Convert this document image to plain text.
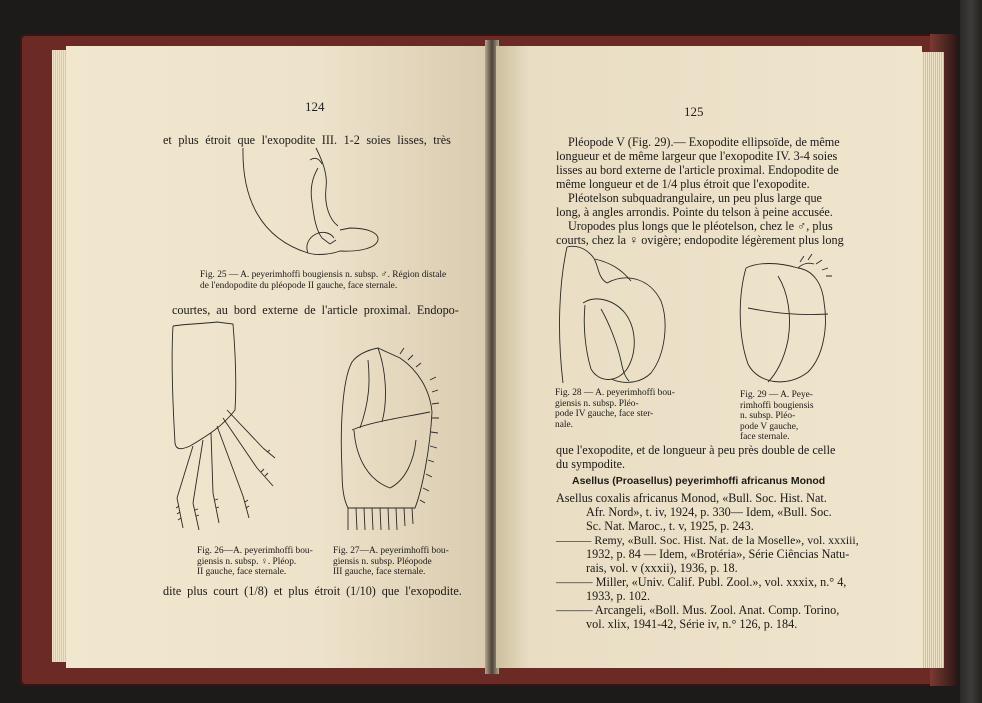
124
et plus étroit que l'exopodite III. 1-2 soies lisses, très
Fig. 25 — A. peyerimhoffi bougiensis n. subsp. ♂. Région distale
de l'endopodite du pléopode II gauche, face sternale.
courtes, au bord externe de l'article proximal. Endopo-
Fig. 26—A. peyerimhoffi bou-
giensis n. subsp. ♀. Pléop.
II gauche, face sternale.
Fig. 27—A. peyerimhoffi bou-
giensis n. subsp. Pléopode
III gauche, face sternale.
dite plus court (1/8) et plus étroit (1/10) que l'exopodite.
125
Pléopode V (Fig. 29).— Exopodite ellipsoïde, de même
longueur et de même largeur que l'exopodite IV. 3-4 soies
lisses au bord externe de l'article proximal. Endopodite de
même longueur et de 1/4 plus étroit que l'exopodite.
Pléotelson subquadrangulaire, un peu plus large que
long, à angles arrondis. Pointe du telson à peine accusée.
Uropodes plus longs que le pléotelson, chez le ♂, plus
courts, chez la ♀ ovigère; endopodite légèrement plus long
Fig. 28 — A. peyerimhoffi bou-
giensis n. subsp. Pléo-
pode IV gauche, face ster-
nale.
Fig. 29 — A. Peye-
rimhoffi bougiensis
n. subsp. Pléo-
pode V gauche,
face sternale.
que l'exopodite, et de longueur à peu près double de celle
du sympodite.
Asellus (Proasellus) peyerimhoffi africanus Monod
Asellus coxalis africanus Monod, «Bull. Soc. Hist. Nat.
Afr. Nord», t. iv, 1924, p. 330— Idem, «Bull. Soc.
Sc. Nat. Maroc., t. v, 1925, p. 243.
——— Remy, «Bull. Soc. Hist. Nat. de la Moselle», vol. xxxiii,
1932, p. 84 — Idem, «Brotéria», Série Ciências Natu-
rais, vol. v (xxxii), 1936, p. 18.
——— Miller, «Univ. Calif. Publ. Zool.», vol. xxxix, n.° 4,
1933, p. 102.
——— Arcangeli, «Boll. Mus. Zool. Anat. Comp. Torino,
vol. xlix, 1941-42, Série iv, n.° 126, p. 184.
